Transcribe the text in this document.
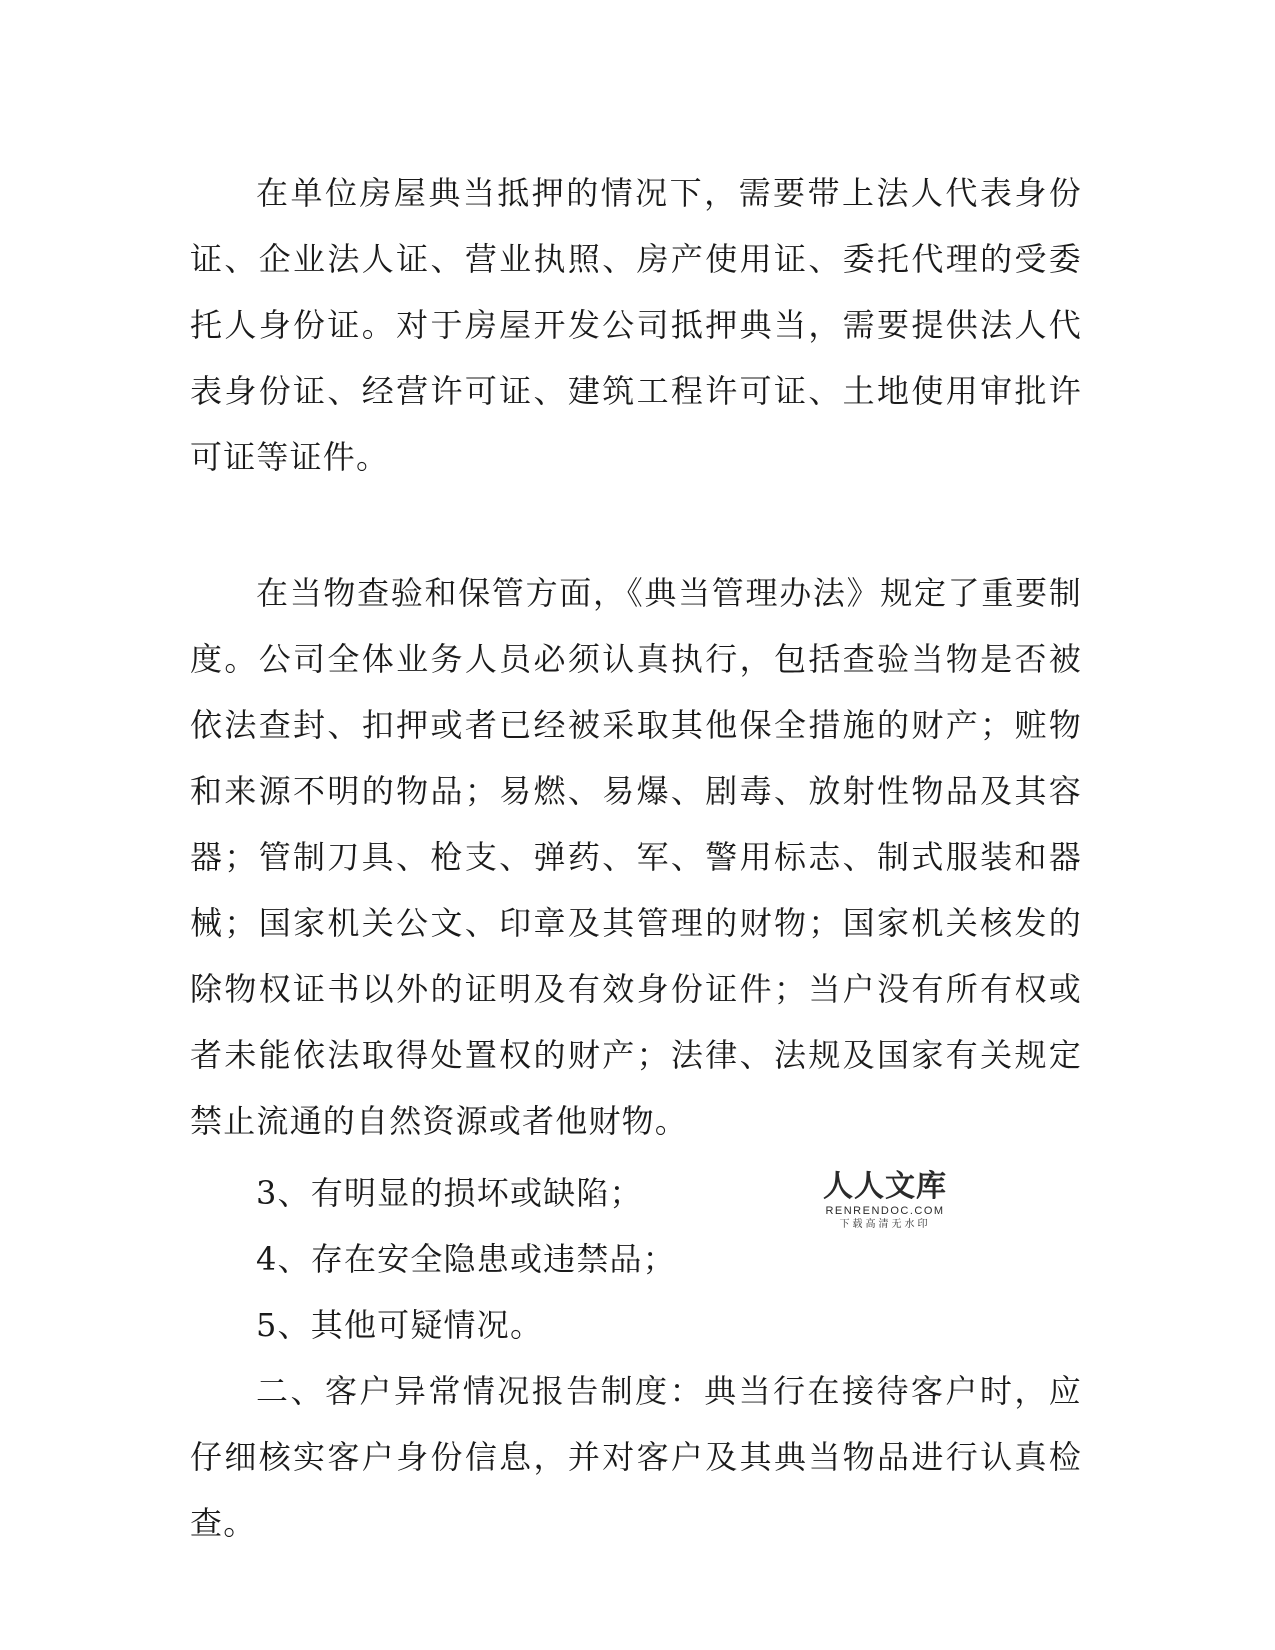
在单位房屋典当抵押的情况下，需要带上法人代表身份证、企业法人证、营业执照、房产使用证、委托代理的受委托人身份证。对于房屋开发公司抵押典当，需要提供法人代表身份证、经营许可证、建筑工程许可证、土地使用审批许可证等证件。

在当物查验和保管方面，《典当管理办法》规定了重要制度。公司全体业务人员必须认真执行，包括查验当物是否被依法查封、扣押或者已经被采取其他保全措施的财产；赃物和来源不明的物品；易燃、易爆、剧毒、放射性物品及其容器；管制刀具、枪支、弹药、军、警用标志、制式服装和器械；国家机关公文、印章及其管理的财物；国家机关核发的除物权证书以外的证明及有效身份证件；当户没有所有权或者未能依法取得处置权的财产；法律、法规及国家有关规定禁止流通的自然资源或者他财物。

3、有明显的损坏或缺陷；

4、存在安全隐患或违禁品；

5、其他可疑情况。

二、客户异常情况报告制度：典当行在接待客户时，应仔细核实客户身份信息，并对客户及其典当物品进行认真检查。

人人文库
RENRENDOC.COM
下载高清无水印
